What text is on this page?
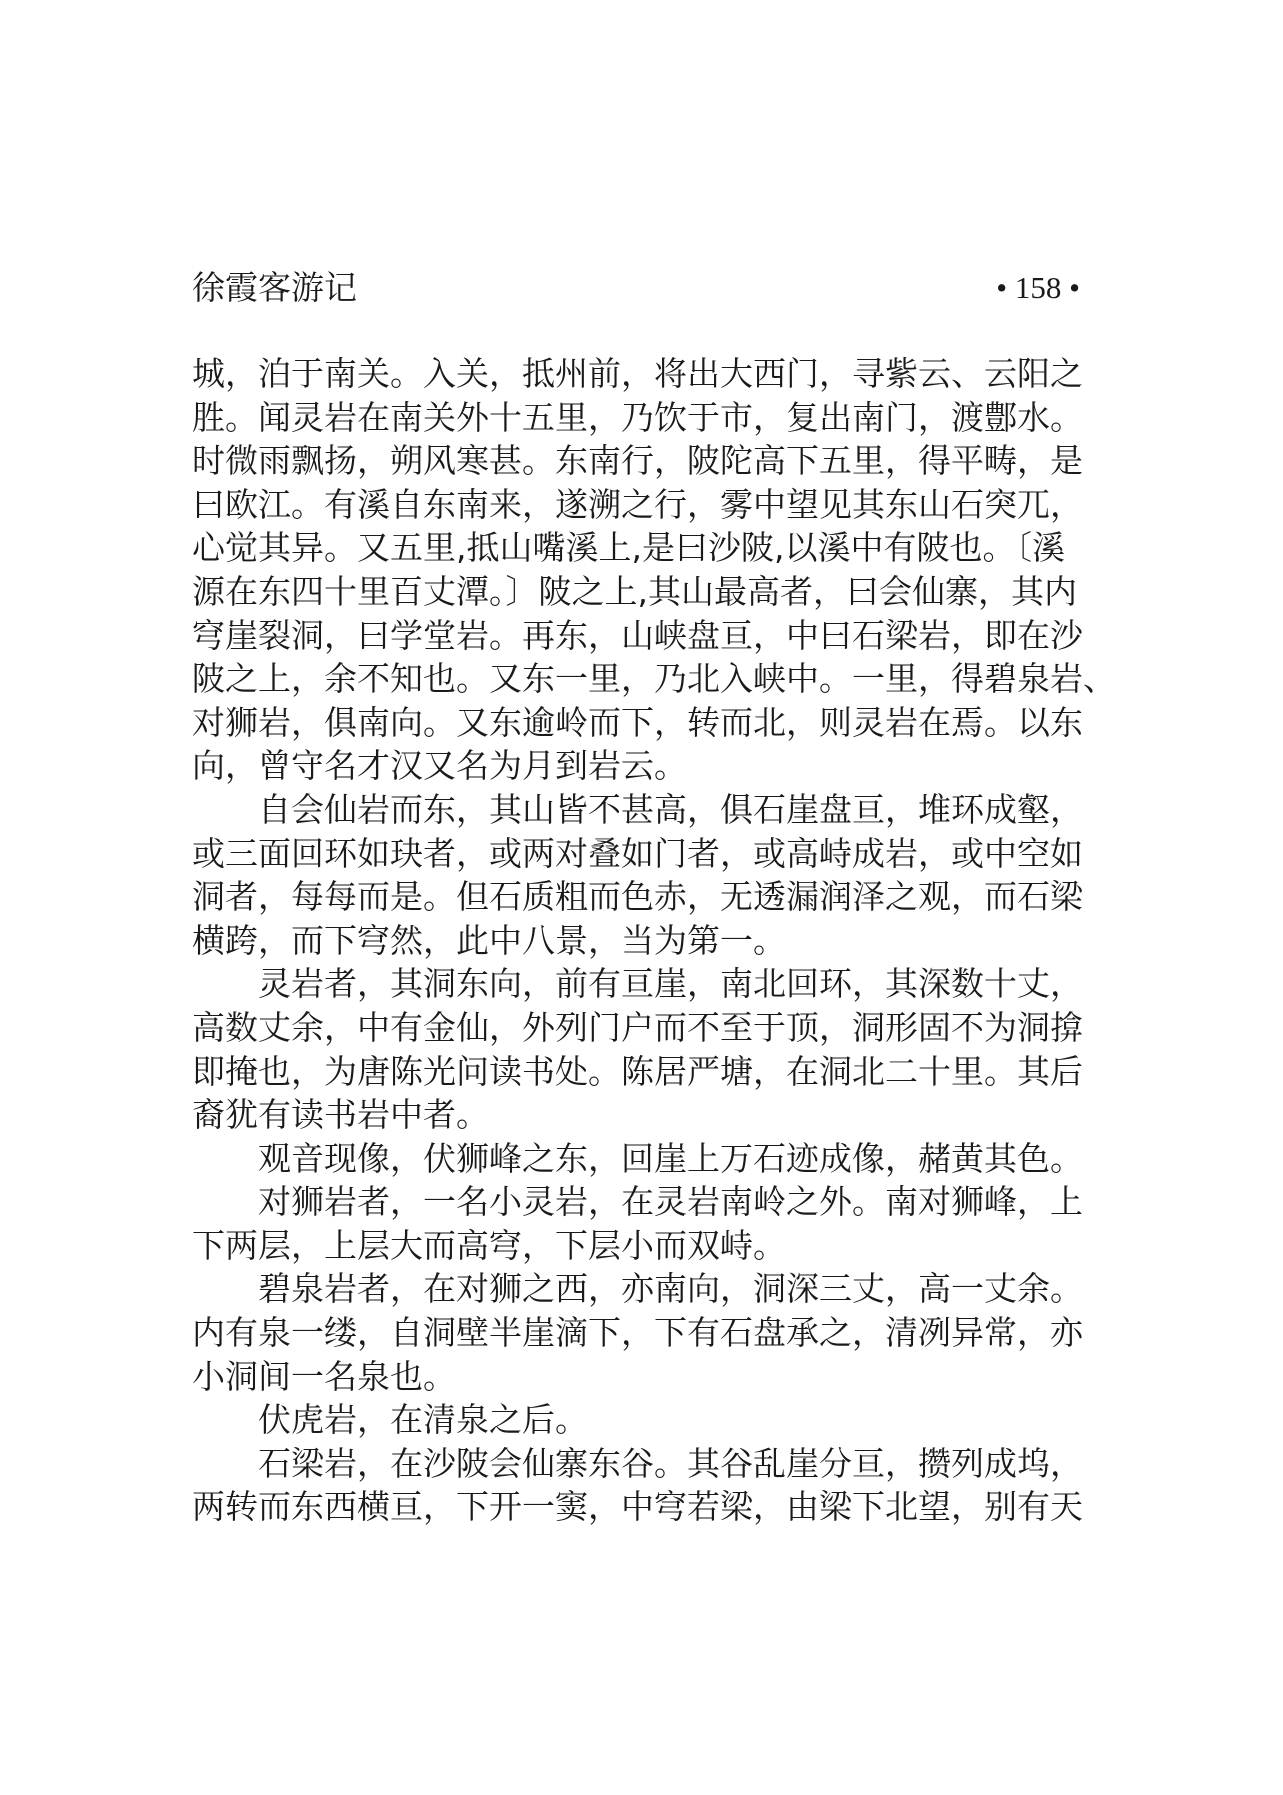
徐霞客游记	• 158 •
城，泊于南关。入关，抵州前，将出大西门，寻紫云、云阳之
胜。闻灵岩在南关外十五里，乃饮于市，复出南门，渡鄷水。
时微雨飘扬，朔风寒甚。东南行，陂陀高下五里，得平畴，是
曰欧江。有溪自东南来，遂溯之行，雾中望见其东山石突兀，
心觉其异。又五里,抵山嘴溪上,是曰沙陂,以溪中有陂也。〔溪
源在东四十里百丈潭。〕陂之上,其山最高者，曰会仙寨，其内
穹崖裂洞，曰学堂岩。再东，山峡盘亘，中曰石梁岩，即在沙
陂之上，余不知也。又东一里，乃北入峡中。一里，得碧泉岩、
对狮岩，俱南向。又东逾岭而下，转而北，则灵岩在焉。以东
向，曾守名才汉又名为月到岩云。
自会仙岩而东，其山皆不甚高，俱石崖盘亘，堆环成壑，
或三面回环如玦者，或两对叠如门者，或高峙成岩，或中空如
洞者，每每而是。但石质粗而色赤，无透漏润泽之观，而石梁
横跨，而下穹然，此中八景，当为第一。
灵岩者，其洞东向，前有亘崖，南北回环，其深数十丈，
高数丈余，中有金仙，外列门户而不至于顶，洞形固不为洞揜
即掩也，为唐陈光问读书处。陈居严塘，在洞北二十里。其后
裔犹有读书岩中者。
观音现像，伏狮峰之东，回崖上万石迹成像，赭黄其色。
对狮岩者，一名小灵岩，在灵岩南岭之外。南对狮峰，上
下两层，上层大而高穹，下层小而双峙。
碧泉岩者，在对狮之西，亦南向，洞深三丈，高一丈余。
内有泉一缕，自洞壁半崖滴下，下有石盘承之，清冽异常，亦
小洞间一名泉也。
伏虎岩，在清泉之后。
石梁岩，在沙陂会仙寨东谷。其谷乱崖分亘，攒列成坞，
两转而东西横亘，下开一窦，中穹若梁，由梁下北望，别有天
